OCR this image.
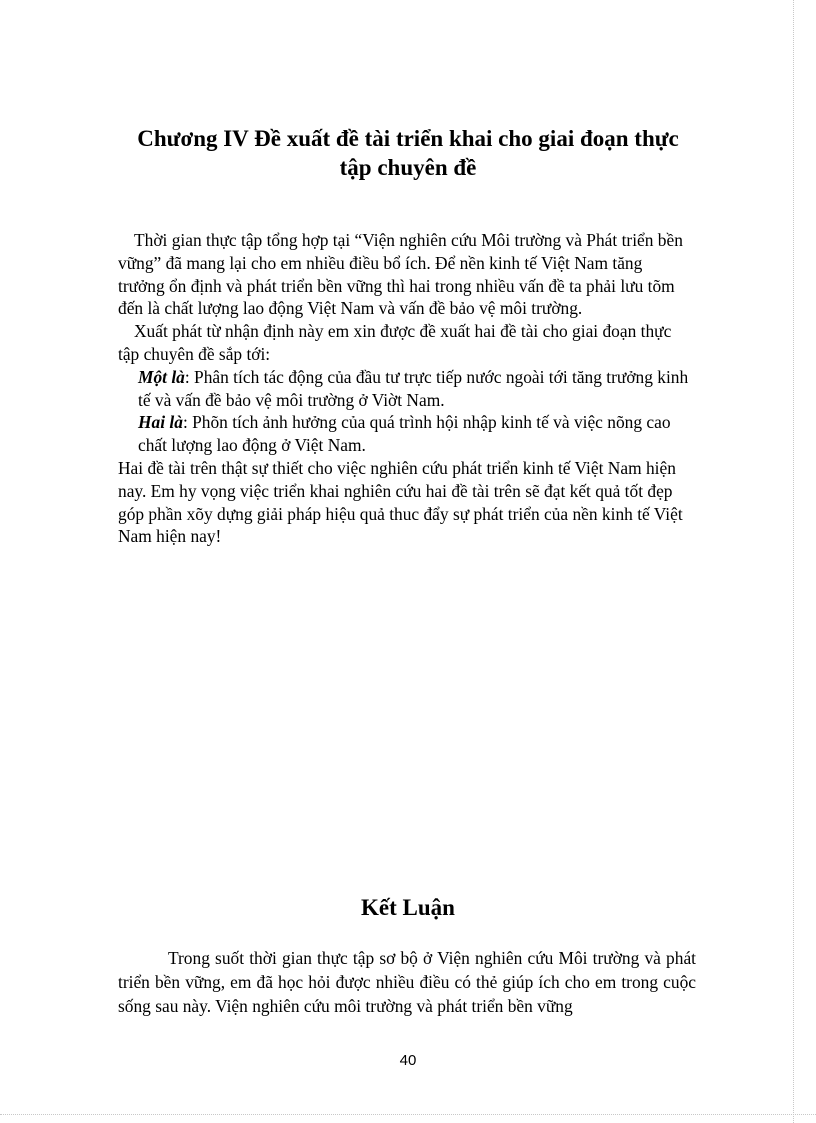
Chương IV Đề xuất đề tài triển khai cho giai đoạn thực
tập chuyên đề

Thời gian thực tập tổng hợp tại “Viện nghiên cứu Môi trường và Phát triển bền vững” đã mang lại cho em nhiều điều bổ ích. Để nền kinh tế Việt Nam tăng trưởng ổn định và phát triển bền vững thì hai trong nhiều vấn đề ta phải lưu tõm đến là chất lượng lao động Việt Nam và vấn đề bảo vệ môi trường.

Xuất phát từ nhận định này em xin được đề xuất hai đề tài cho giai đoạn thực tập chuyên đề sắp tới:

Một là: Phân tích tác động của đầu tư trực tiếp nước ngoài tới tăng trưởng kinh tế và vấn đề bảo vệ môi trường ở Viờt Nam.

Hai là: Phõn tích ảnh hưởng của quá trình hội nhập kinh tế và việc nõng cao chất lượng lao động ở Việt Nam.

Hai đề tài trên thật sự thiết cho việc nghiên cứu phát triển kinh tế Việt Nam hiện nay. Em hy vọng việc triển khai nghiên cứu hai đề tài trên sẽ đạt kết quả tốt đẹp góp phần xõy dựng giải pháp hiệu quả thuc đẩy sự phát triển của nền kinh tế Việt Nam hiện nay!

Kết Luận

Trong suốt thời gian thực tập sơ bộ ở Viện nghiên cứu Môi trường và phát triển bền vững, em đã học hỏi được nhiều điều có thẻ giúp ích cho em trong cuộc sống sau này. Viện nghiên cứu môi trường và phát triển bền vững

40
